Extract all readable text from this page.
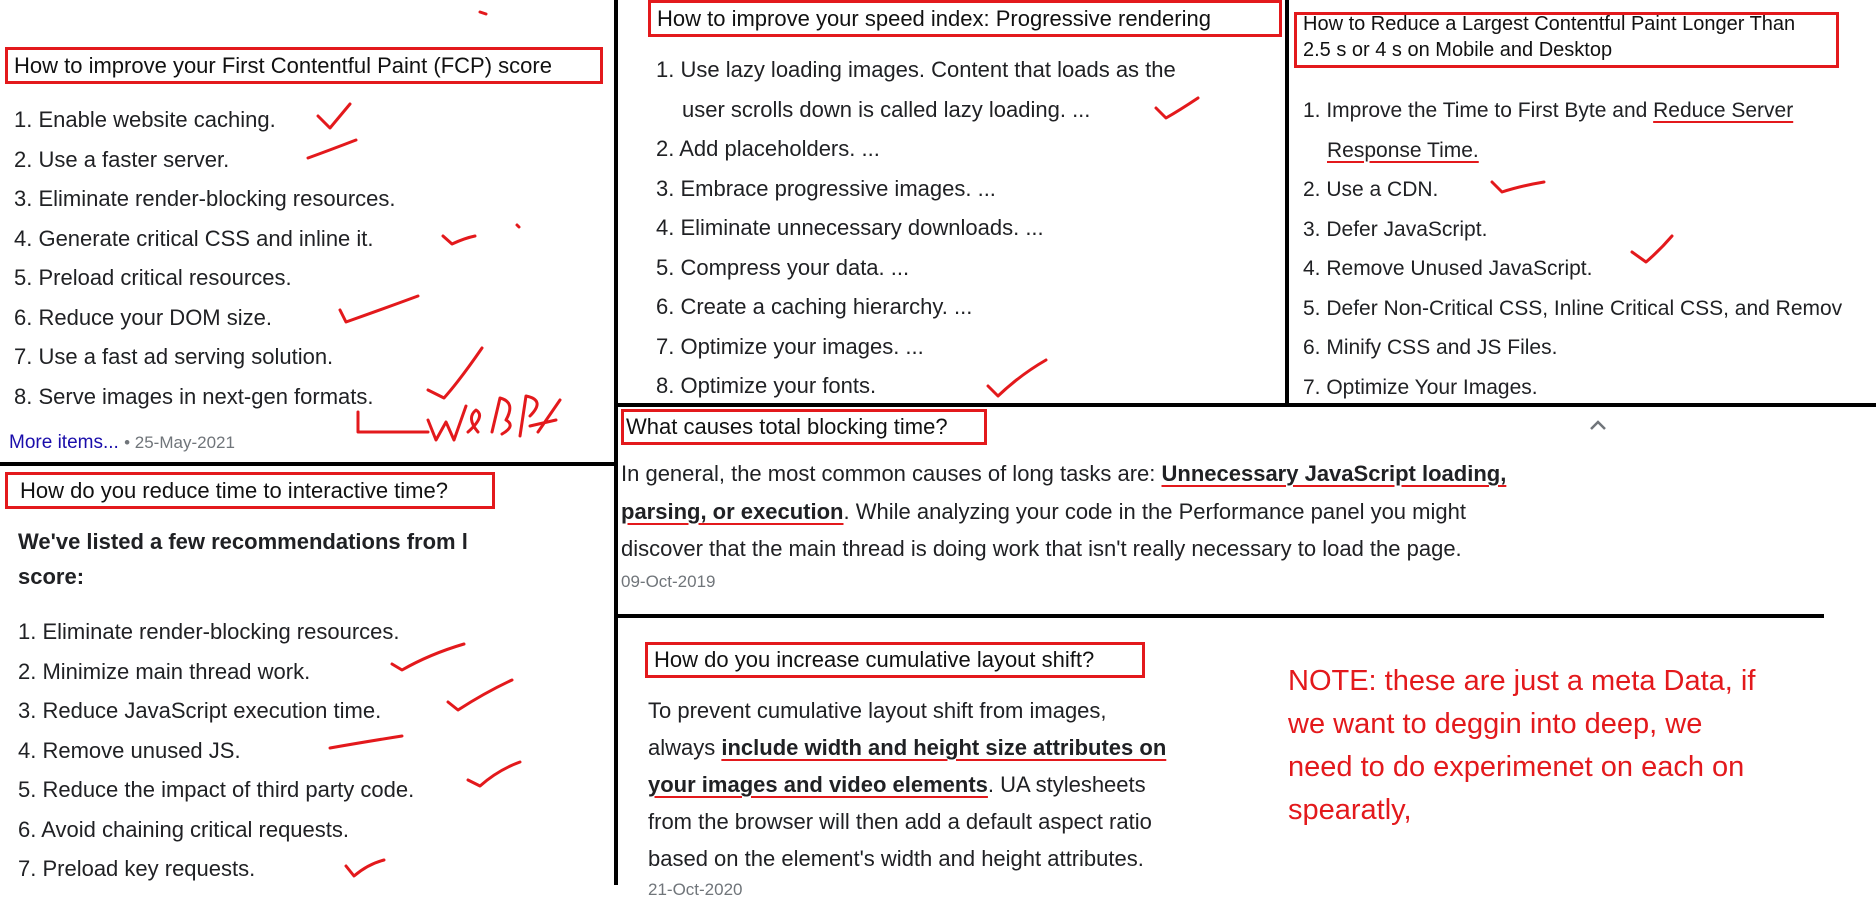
How to improve your First Contentful Paint (FCP) score
1. Enable website caching.
2. Use a faster server.
3. Eliminate render-blocking resources.
4. Generate critical CSS and inline it.
5. Preload critical resources.
6. Reduce your DOM size.
7. Use a fast ad serving solution.
8. Serve images in next-gen formats.
More items... • 25-May-2021
How to improve your speed index: Progressive rendering
1. Use lazy loading images. Content that loads as the
user scrolls down is called lazy loading. ...
2. Add placeholders. ...
3. Embrace progressive images. ...
4. Eliminate unnecessary downloads. ...
5. Compress your data. ...
6. Create a caching hierarchy. ...
7. Optimize your images. ...
8. Optimize your fonts.
How to Reduce a Largest Contentful Paint Longer Than
2.5 s or 4 s on Mobile and Desktop
1. Improve the Time to First Byte and Reduce Server
Response Time.
2. Use a CDN.
3. Defer JavaScript.
4. Remove Unused JavaScript.
5. Defer Non-Critical CSS, Inline Critical CSS, and Remov
6. Minify CSS and JS Files.
7. Optimize Your Images.
What causes total blocking time?
In general, the most common causes of long tasks are: Unnecessary JavaScript loading,
parsing, or execution. While analyzing your code in the Performance panel you might
discover that the main thread is doing work that isn't really necessary to load the page.
09-Oct-2019
How do you reduce time to interactive time?
We've listed a few recommendations from l
score:
1. Eliminate render-blocking resources.
2. Minimize main thread work.
3. Reduce JavaScript execution time.
4. Remove unused JS.
5. Reduce the impact of third party code.
6. Avoid chaining critical requests.
7. Preload key requests.
How do you increase cumulative layout shift?
To prevent cumulative layout shift from images,
always include width and height size attributes on
your images and video elements. UA stylesheets
from the browser will then add a default aspect ratio
based on the element's width and height attributes.
21-Oct-2020
NOTE: these are just a meta Data, if
we want to deggin into deep, we
need to do experimenet on each on
spearatly,
